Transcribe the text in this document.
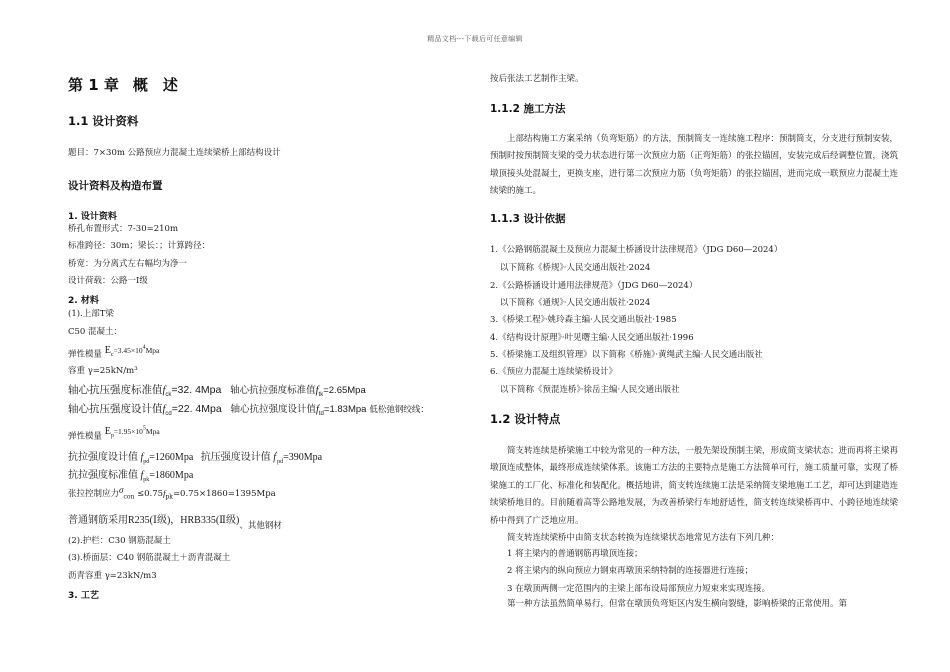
精品文档---下载后可任意编辑
第 1 章 概　述
1.1 设计资料
题目：7×30m 公路预应力混凝土连续梁桥上部结构设计
设计资料及构造布置
1. 设计资料
桥孔布置形式：7-30=210m
标准跨径：30m；梁长：；计算跨径：
桥宽：为分离式左右幅均为净一
设计荷载：公路一Ⅰ级
2. 材料
(1).上部T梁
C50 混凝土：
弹性模量 $E_c=3.45\times 10^4Mpa$
容重 γ=25kN/m³
轴心抗压强度标准值$f_{ck}=32$. 4Mpa 轴心抗拉强度标准值$f_{tk}=2.65Mpa$
轴心抗压强度设计值$f_{cd}=22$. 4Mpa 轴心抗拉强度设计值$f_{td}=1.83Mpa$ 低松弛钢绞线：
弹性模量 $E_p=1.95\times 10^5Mpa$
抗拉强度设计值 $f_{pd}=1260Mpa$ 抗压强度设计值 $f'_{pd}=390Mpa$
抗拉强度标准值 $f_{pk}=1860Mpa$
张拉控制应力$\sigma_{con} \le 0.75f_{pk}=0.75\times 1860=1395Mpa$
普通钢筋采用R235(Ⅰ级)，HRB335(Ⅱ级)$_{、其他钢材}$
(2).护栏：C30 钢筋混凝土
(3).桥面层：C40 钢筋混凝土＋沥青混凝土
沥青容重 γ=23kN/m3
3. 工艺
按后张法工艺制作主梁。
1.1.2 施工方法
上部结构施工方案采纳（负弯矩筋）的方法，预制简支一连续施工程序：预制简支，分支进行预制安装，预制时按预制简支梁的受力状态进行第一次预应力筋（正弯矩筋）的张拉锚固，安装完成后经调整位置，浇筑墩顶接头处混凝土，更换支座，进行第二次预应力筋（负弯矩筋）的张拉锚固，进而完成一联预应力混凝土连续梁的施工。
1.1.3 设计依据
1.《公路钢筋混凝土及预应力混凝土桥涵设计法律规范》（JDG D60—2024）
以下简称《桥规》·人民交通出版社·2024
2.《公路桥涵设计通用法律规范》（JDG D60—2024）
以下简称《通规》·人民交通出版社·2024
3.《桥梁工程》·姚玲森主编·人民交通出版社·1985
4.《结构设计原理》·叶见曙主编·人民交通出版社·1996
5.《桥梁施工及组织管理》以下简称《桥施》·黄绳武主编·人民交通出版社
6.《预应力混凝土连续梁桥设计》
以下简称《预混连桥》·徐岳主编·人民交通出版社
1.2 设计特点
简支转连续是桥梁施工中较为常见的一种方法，一般先架设预制主梁，形成简支梁状态；进而再将主梁再墩顶连成整体，最终形成连续梁体系。该施工方法的主要特点是施工方法简单可行，施工质量可靠，实现了桥梁施工的工厂化、标准化和装配化。概括地讲，简支转连续施工法是采纳简支梁地施工工艺，却可达到建造连续梁桥地目的。目前随着高等公路地发展，为改善桥梁行车地舒适性，简支转连续梁桥再中、小跨径地连续梁桥中得到了广泛地应用。
简支转连续梁桥中由简支状态转换为连续梁状态地常见方法有下列几种：
1 将主梁内的普通钢筋再墩顶连接；
2 将主梁内的纵向预应力钢束再墩顶采纳特制的连接器进行连接；
3 在墩顶两侧一定范围内的主梁上部布设局部预应力短束来实现连接。
第一种方法虽然简单易行，但常在墩顶负弯矩区内发生横向裂缝，影响桥梁的正常使用。第
